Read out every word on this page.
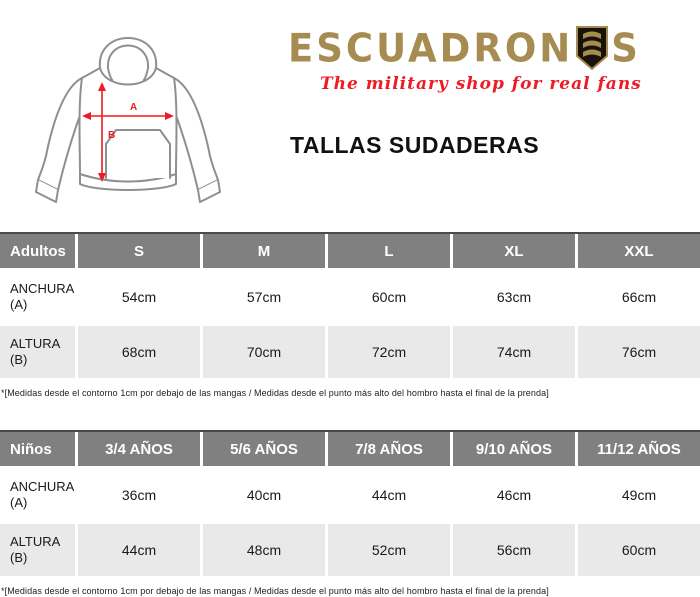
A
B
ESCUADRON S
The military shop for real fans
TALLAS SUDADERAS
Adultos	S	M	L	XL	XXL
ANCHURA
(A)	54cm	57cm	60cm	63cm	66cm
ALTURA
(B)	68cm	70cm	72cm	74cm	76cm
*[Medidas desde el contorno 1cm por debajo de las mangas / Medidas desde el punto más alto del hombro hasta el final de la prenda]
Niños	3/4 AÑOS	5/6 AÑOS	7/8 AÑOS	9/10 AÑOS	11/12 AÑOS
ANCHURA
(A)	36cm	40cm	44cm	46cm	49cm
ALTURA
(B)	44cm	48cm	52cm	56cm	60cm
*[Medidas desde el contorno 1cm por debajo de las mangas / Medidas desde el punto más alto del hombro hasta el final de la prenda]
